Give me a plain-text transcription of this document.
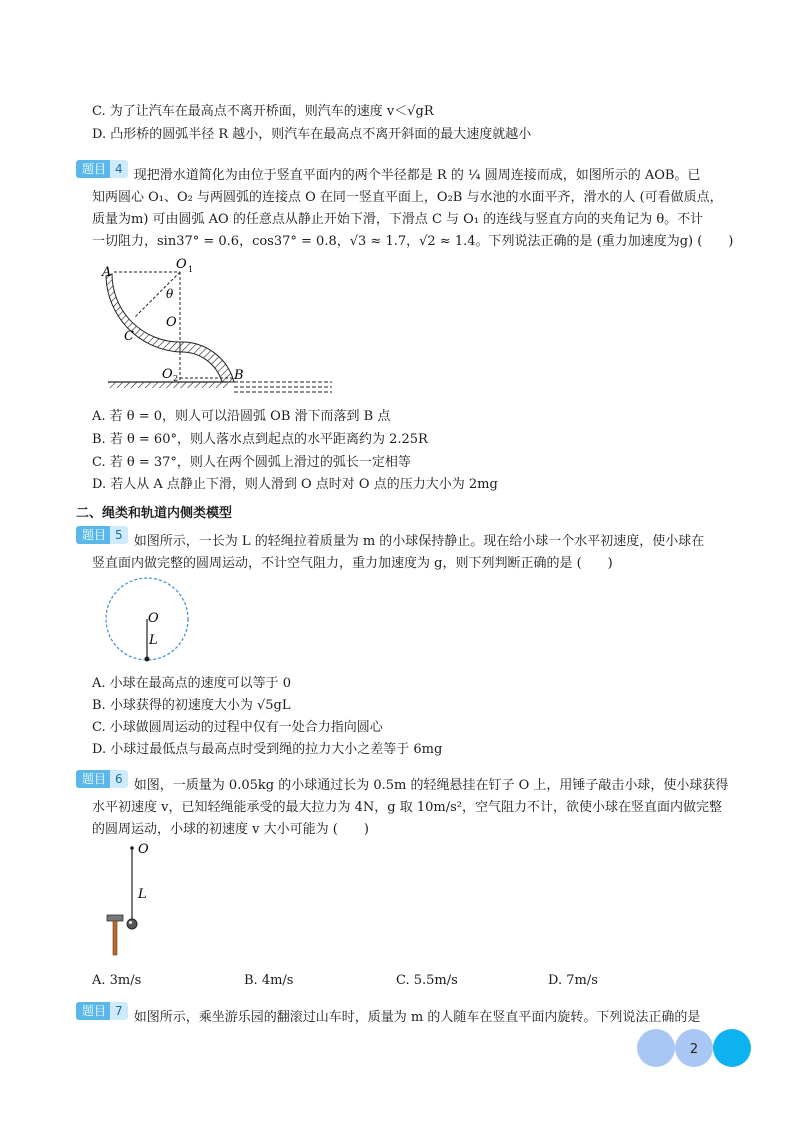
C. 为了让汽车在最高点不离开桥面，则汽车的速度 v＜√gR
D. 凸形桥的圆弧半径 R 越小，则汽车在最高点不离开斜面的最大速度就越小
题目 4 现把滑水道简化为由位于竖直平面内的两个半径都是 R 的 ¼ 圆周连接而成，如图所示的 AOB。已
知两圆心 O₁、O₂ 与两圆弧的连接点 O 在同一竖直平面上，O₂B 与水池的水面平齐，滑水的人 (可看做质点，
质量为m) 可由圆弧 AO 的任意点从静止开始下滑，下滑点 C 与 O₁ 的连线与竖直方向的夹角记为 θ。不计
一切阻力，sin37° = 0.6，cos37° = 0.8，√3 ≈ 1.7，√2 ≈ 1.4。下列说法正确的是 (重力加速度为g) (　　)
A
O 1
θ
O
C
O 2	B
A. 若 θ = 0，则人可以沿圆弧 OB 滑下而落到 B 点
B. 若 θ = 60°，则人落水点到起点的水平距离约为 2.25R
C. 若 θ = 37°，则人在两个圆弧上滑过的弧长一定相等
D. 若人从 A 点静止下滑，则人滑到 O 点时对 O 点的压力大小为 2mg
二、绳类和轨道内侧类模型
题目 5 如图所示，一长为 L 的轻绳拉着质量为 m 的小球保持静止。现在给小球一个水平初速度，使小球在
竖直面内做完整的圆周运动，不计空气阻力，重力加速度为 g，则下列判断正确的是 (　　)
O
L
A. 小球在最高点的速度可以等于 0
B. 小球获得的初速度大小为 √5gL
C. 小球做圆周运动的过程中仅有一处合力指向圆心
D. 小球过最低点与最高点时受到绳的拉力大小之差等于 6mg
题目 6 如图，一质量为 0.05kg 的小球通过长为 0.5m 的轻绳悬挂在钉子 O 上，用锤子敲击小球，使小球获得
水平初速度 v，已知轻绳能承受的最大拉力为 4N，g 取 10m/s²，空气阻力不计，欲使小球在竖直面内做完整
的圆周运动，小球的初速度 v 大小可能为 (　　)
O
L
A. 3m/s	B. 4m/s	C. 5.5m/s	D. 7m/s
题目 7 如图所示，乘坐游乐园的翻滚过山车时，质量为 m 的人随车在竖直平面内旋转。下列说法正确的是
2
